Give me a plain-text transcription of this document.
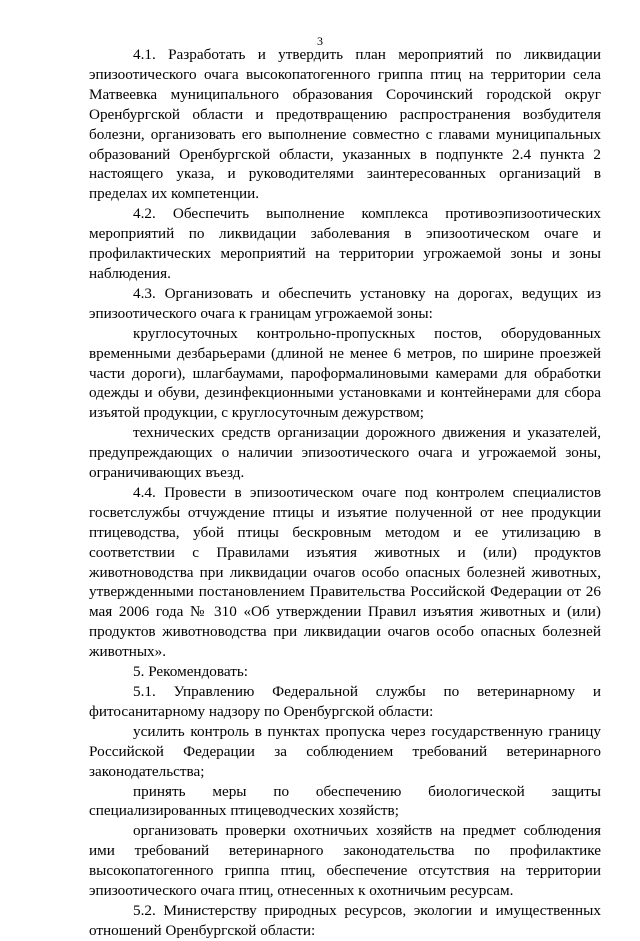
3

4.1. Разработать и утвердить план мероприятий по ликвидации эпизоотического очага высокопатогенного гриппа птиц на территории села Матвеевка муниципального образования Сорочинский городской округ Оренбургской области и предотвращению распространения возбудителя болезни, организовать его выполнение совместно с главами муниципальных образований Оренбургской области, указанных в подпункте 2.4 пункта 2 настоящего указа, и руководителями заинтересованных организаций в пределах их компетенции.

4.2. Обеспечить выполнение комплекса противоэпизоотических мероприятий по ликвидации заболевания в эпизоотическом очаге и профилактических мероприятий на территории угрожаемой зоны и зоны наблюдения.

4.3. Организовать и обеспечить установку на дорогах, ведущих из эпизоотического очага к границам угрожаемой зоны:

круглосуточных контрольно-пропускных постов, оборудованных временными дезбарьерами (длиной не менее 6 метров, по ширине проезжей части дороги), шлагбаумами, пароформалиновыми камерами для обработки одежды и обуви, дезинфекционными установками и контейнерами для сбора изъятой продукции, с круглосуточным дежурством;

технических средств организации дорожного движения и указателей, предупреждающих о наличии эпизоотического очага и угрожаемой зоны, ограничивающих въезд.

4.4. Провести в эпизоотическом очаге под контролем специалистов госветслужбы отчуждение птицы и изъятие полученной от нее продукции птицеводства, убой птицы бескровным методом и ее утилизацию в соответствии с Правилами изъятия животных и (или) продуктов животноводства при ликвидации очагов особо опасных болезней животных, утвержденными постановлением Правительства Российской Федерации от 26 мая 2006 года № 310 «Об утверждении Правил изъятия животных и (или) продуктов животноводства при ликвидации очагов особо опасных болезней животных».

5. Рекомендовать:

5.1. Управлению Федеральной службы по ветеринарному и фитосанитарному надзору по Оренбургской области:

усилить контроль в пунктах пропуска через государственную границу Российской Федерации за соблюдением требований ветеринарного законодательства;

принять меры по обеспечению биологической защиты специализированных птицеводческих хозяйств;

организовать проверки охотничьих хозяйств на предмет соблюдения ими требований ветеринарного законодательства по профилактике высокопатогенного гриппа птиц, обеспечение отсутствия на территории эпизоотического очага птиц, отнесенных к охотничьим ресурсам.

5.2. Министерству природных ресурсов, экологии и имущественных отношений Оренбургской области:
